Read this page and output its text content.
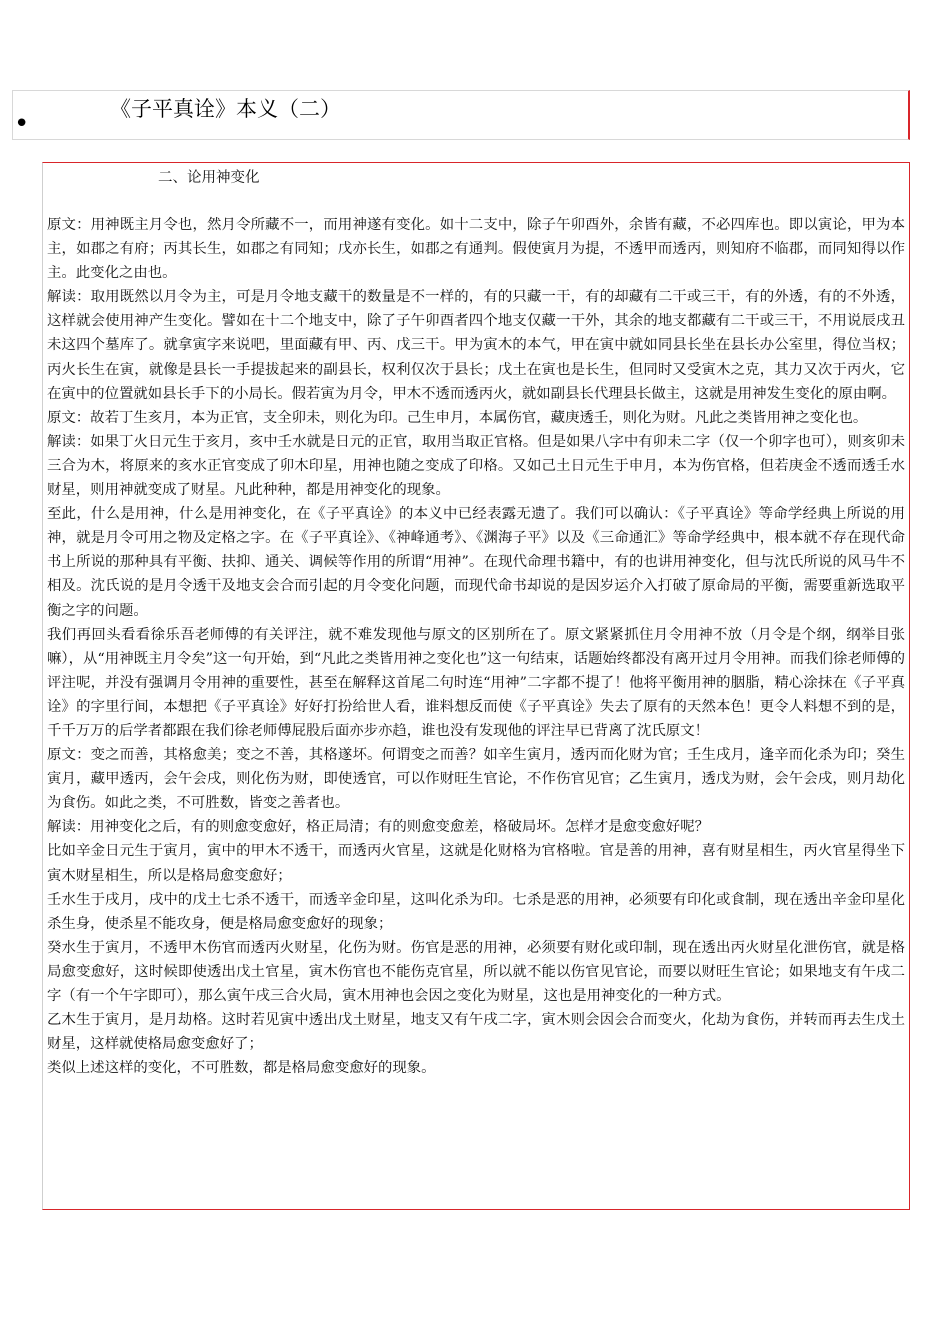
•	《子平真诠》本义（二）
二、论用神变化

原文：用神既主月令也，然月令所藏不一，而用神遂有变化。如十二支中，除子午卯酉外，余皆有藏，不必四库也。即以寅论，甲为本主，如郡之有府；丙其长生，如郡之有同知；戊亦长生，如郡之有通判。假使寅月为提，不透甲而透丙，则知府不临郡，而同知得以作主。此变化之由也。

解读：取用既然以月令为主，可是月令地支藏干的数量是不一样的，有的只藏一干，有的却藏有二干或三干，有的外透，有的不外透，这样就会使用神产生变化。譬如在十二个地支中，除了子午卯酉者四个地支仅藏一干外，其余的地支都藏有二干或三干，不用说辰戌丑未这四个墓库了。就拿寅字来说吧，里面藏有甲、丙、戊三干。甲为寅木的本气，甲在寅中就如同县长坐在县长办公室里，得位当权；丙火长生在寅，就像是县长一手提拔起来的副县长，权利仅次于县长；戊土在寅也是长生，但同时又受寅木之克，其力又次于丙火，它在寅中的位置就如县长手下的小局长。假若寅为月令，甲木不透而透丙火，就如副县长代理县长做主，这就是用神发生变化的原由啊。

原文：故若丁生亥月，本为正官，支全卯未，则化为印。己生申月，本属伤官，藏庚透壬，则化为财。凡此之类皆用神之变化也。

解读：如果丁火日元生于亥月，亥中壬水就是日元的正官，取用当取正官格。但是如果八字中有卯未二字（仅一个卯字也可），则亥卯未三合为木，将原来的亥水正官变成了卯木印星，用神也随之变成了印格。又如己土日元生于申月，本为伤官格，但若庚金不透而透壬水财星，则用神就变成了财星。凡此种种，都是用神变化的现象。

至此，什么是用神，什么是用神变化，在《子平真诠》的本义中已经表露无遗了。我们可以确认：《子平真诠》等命学经典上所说的用神，就是月令可用之物及定格之字。在《子平真诠》、《神峰通考》、《渊海子平》以及《三命通汇》等命学经典中，根本就不存在现代命书上所说的那种具有平衡、扶抑、通关、调候等作用的所谓“用神”。在现代命理书籍中，有的也讲用神变化，但与沈氏所说的风马牛不相及。沈氏说的是月令透干及地支会合而引起的月令变化问题，而现代命书却说的是因岁运介入打破了原命局的平衡，需要重新选取平衡之字的问题。

我们再回头看看徐乐吾老师傅的有关评注，就不难发现他与原文的区别所在了。原文紧紧抓住月令用神不放（月令是个纲，纲举目张嘛），从“用神既主月令矣”这一句开始，到“凡此之类皆用神之变化也”这一句结束，话题始终都没有离开过月令用神。而我们徐老师傅的评注呢，并没有强调月令用神的重要性，甚至在解释这首尾二句时连“用神”二字都不提了！他将平衡用神的胭脂，精心涂抹在《子平真诠》的字里行间，本想把《子平真诠》好好打扮给世人看，谁料想反而使《子平真诠》失去了原有的天然本色！更令人料想不到的是，千千万万的后学者都跟在我们徐老师傅屁股后面亦步亦趋，谁也没有发现他的评注早已背离了沈氏原文！

原文：变之而善，其格愈美；变之不善，其格遂坏。何谓变之而善？如辛生寅月，透丙而化财为官；壬生戌月，逢辛而化杀为印；癸生寅月，藏甲透丙，会午会戌，则化伤为财，即使透官，可以作财旺生官论，不作伤官见官；乙生寅月，透戊为财，会午会戌，则月劫化为食伤。如此之类，不可胜数，皆变之善者也。

解读：用神变化之后，有的则愈变愈好，格正局清；有的则愈变愈差，格破局坏。怎样才是愈变愈好呢？

比如辛金日元生于寅月，寅中的甲木不透干，而透丙火官星，这就是化财格为官格啦。官是善的用神，喜有财星相生，丙火官星得坐下寅木财星相生，所以是格局愈变愈好；

壬水生于戌月，戌中的戊土七杀不透干，而透辛金印星，这叫化杀为印。七杀是恶的用神，必须要有印化或食制，现在透出辛金印星化杀生身，使杀星不能攻身，便是格局愈变愈好的现象；

癸水生于寅月，不透甲木伤官而透丙火财星，化伤为财。伤官是恶的用神，必须要有财化或印制，现在透出丙火财星化泄伤官，就是格局愈变愈好，这时候即使透出戊土官星，寅木伤官也不能伤克官星，所以就不能以伤官见官论，而要以财旺生官论；如果地支有午戌二字（有一个午字即可），那么寅午戌三合火局，寅木用神也会因之变化为财星，这也是用神变化的一种方式。

乙木生于寅月，是月劫格。这时若见寅中透出戊土财星，地支又有午戌二字，寅木则会因会合而变火，化劫为食伤，并转而再去生戊土财星，这样就使格局愈变愈好了；

类似上述这样的变化，不可胜数，都是格局愈变愈好的现象。
